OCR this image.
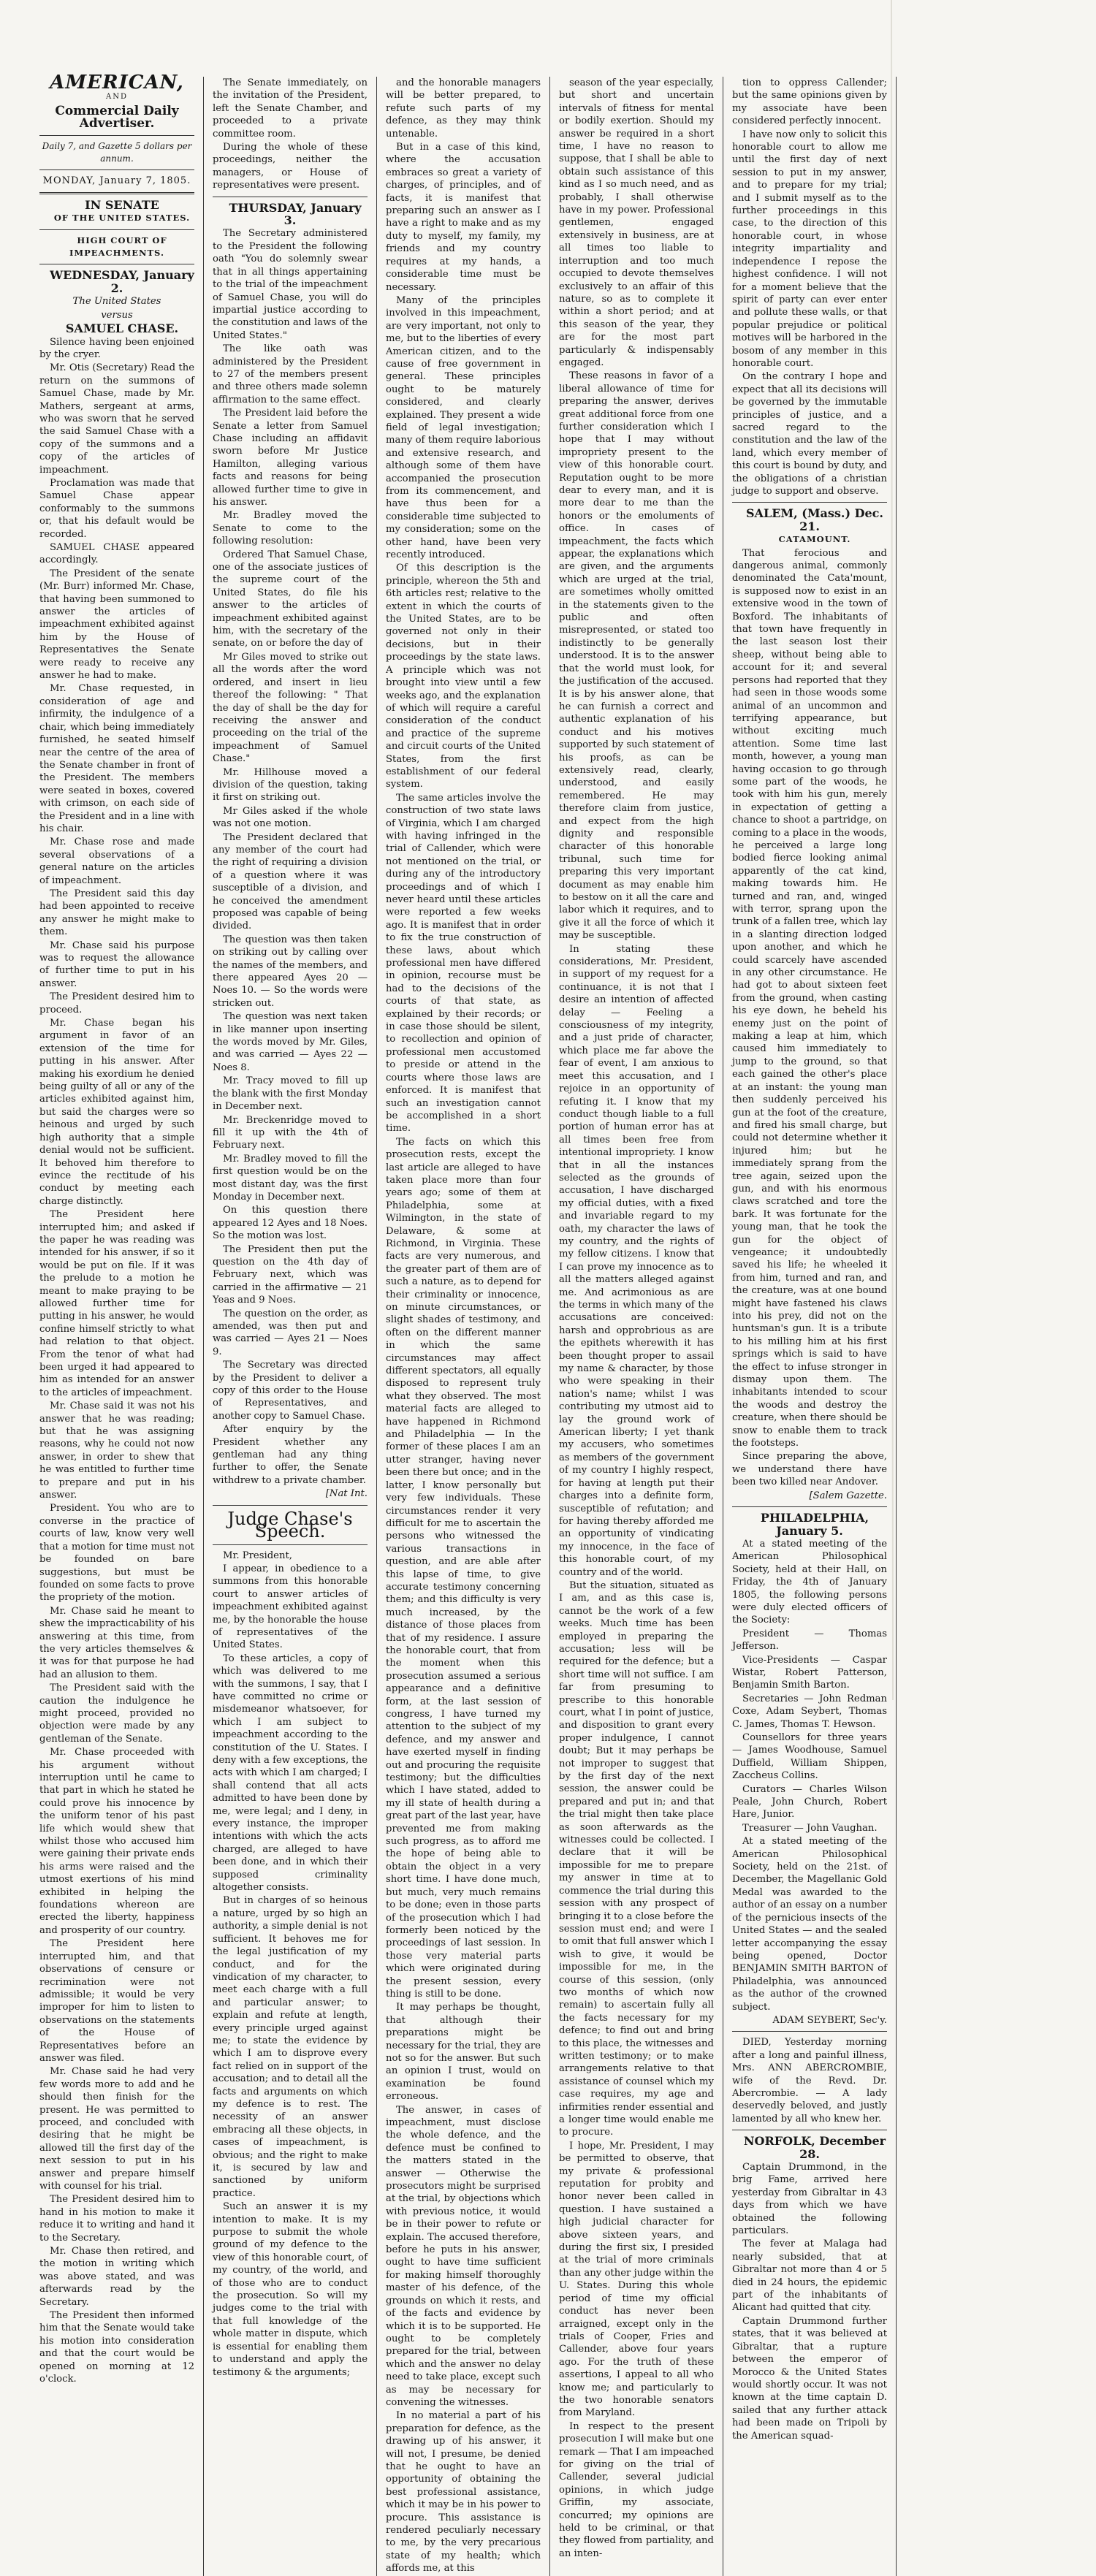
AMERICAN,
AND
Commercial Daily Advertiser.
Daily 7, and Gazette 5 dollars per annum.
MONDAY, January 7, 1805.

IN SENATE

OF THE UNITED STATES.

HIGH COURT OF IMPEACHMENTS.

WEDNESDAY, January 2.

The United States

versus

SAMUEL CHASE.

Silence having been enjoined by the cryer.

Mr. Otis (Secretary) Read the return on the summons of Samuel Chase, made by Mr. Mathers, sergeant at arms, who was sworn that he served the said Samuel Chase with a copy of the summons and a copy of the articles of impeachment.

Proclamation was made that Samuel Chase appear conformably to the summons or, that his default would be recorded.

SAMUEL CHASE appeared accordingly.

The President of the senate (Mr. Burr) informed Mr. Chase, that having been summoned to answer the articles of impeachment exhibited against him by the House of Representatives the Senate were ready to receive any answer he had to make.

Mr. Chase requested, in consideration of age and infirmity, the indulgence of a chair, which being immediately furnished, he seated himself near the centre of the area of the Senate chamber in front of the President. The members were seated in boxes, covered with crimson, on each side of the President and in a line with his chair.

Mr. Chase rose and made several observations of a general nature on the articles of impeachment.

The President said this day had been appointed to receive any answer he might make to them.

Mr. Chase said his purpose was to request the allowance of further time to put in his answer.

The President desired him to proceed.

Mr. Chase began his argument in favor of an extension of the time for putting in his answer. After making his exordium he denied being guilty of all or any of the articles exhibited against him, but said the charges were so heinous and urged by such high authority that a simple denial would not be sufficient. It behoved him therefore to evince the rectitude of his conduct by meeting each charge distinctly.

The President here interrupted him; and asked if the paper he was reading was intended for his answer, if so it would be put on file. If it was the prelude to a motion he meant to make praying to be allowed further time for putting in his answer, he would confine himself strictly to what had relation to that object. From the tenor of what had been urged it had appeared to him as intended for an answer to the articles of impeachment.

Mr. Chase said it was not his answer that he was reading; but that he was assigning reasons, why he could not now answer, in order to shew that he was entitled to further time to prepare and put in his answer.

President. You who are to converse in the practice of courts of law, know very well that a motion for time must not be founded on bare suggestions, but must be founded on some facts to prove the propriety of the motion.

Mr. Chase said he meant to shew the impracticability of his answering at this time, from the very articles themselves & it was for that purpose he had had an allusion to them.

The President said with the caution the indulgence he might proceed, provided no objection were made by any gentleman of the Senate.

Mr. Chase proceeded with his argument without interruption until he came to that part in which he stated he could prove his innocence by the uniform tenor of his past life which would shew that whilst those who accused him were gaining their private ends his arms were raised and the utmost exertions of his mind exhibited in helping the foundations whereon are erected the liberty, happiness and prosperity of our country.

The President here interrupted him, and that observations of censure or recrimination were not admissible; it would be very improper for him to listen to observations on the statements of the House of Representatives before an answer was filed.

Mr. Chase said he had very few words more to add and he should then finish for the present. He was permitted to proceed, and concluded with desiring that he might be allowed till the first day of the next session to put in his answer and prepare himself with counsel for his trial.

The President desired him to hand in his motion to make it reduce it to writing and hand it to the Secretary.

Mr. Chase then retired, and the motion in writing which was above stated, and was afterwards read by the Secretary.

The President then informed him that the Senate would take his motion into consideration and that the court would be opened on morning at 12 o'clock.

The Senate immediately, on the invitation of the President, left the Senate Chamber, and proceeded to a private committee room.

During the whole of these proceedings, neither the managers, or House of representatives were present.

THURSDAY, January 3.

The Secretary administered to the President the following oath "You do solemnly swear that in all things appertaining to the trial of the impeachment of Samuel Chase, you will do impartial justice according to the constitution and laws of the United States."

The like oath was administered by the President to 27 of the members present and three others made solemn affirmation to the same effect.

The President laid before the Senate a letter from Samuel Chase including an affidavit sworn before Mr Justice Hamilton, alleging various facts and reasons for being allowed further time to give in his answer.

Mr. Bradley moved the Senate to come to the following resolution:

Ordered That Samuel Chase, one of the associate justices of the supreme court of the United States, do file his answer to the articles of impeachment exhibited against him, with the secretary of the senate, on or before the day of

Mr Giles moved to strike out all the words after the word ordered, and insert in lieu thereof the following: " That the day of shall be the day for receiving the answer and proceeding on the trial of the impeachment of Samuel Chase."

Mr. Hillhouse moved a division of the question, taking it first on striking out.

Mr Giles asked if the whole was not one motion.

The President declared that any member of the court had the right of requiring a division of a question where it was susceptible of a division, and he conceived the amendment proposed was capable of being divided.

The question was then taken on striking out by calling over the names of the members, and there appeared Ayes 20 — Noes 10. — So the words were stricken out.

The question was next taken in like manner upon inserting the words moved by Mr. Giles, and was carried — Ayes 22 — Noes 8.

Mr. Tracy moved to fill up the blank with the first Monday in December next.

Mr. Breckenridge moved to fill it up with the 4th of February next.

Mr. Bradley moved to fill the first question would be on the most distant day, was the first Monday in December next.

On this question there appeared 12 Ayes and 18 Noes. So the motion was lost.

The President then put the question on the 4th day of February next, which was carried in the affirmative — 21 Yeas and 9 Noes.

The question on the order, as amended, was then put and was carried — Ayes 21 — Noes 9.

The Secretary was directed by the President to deliver a copy of this order to the House of Representatives, and another copy to Samuel Chase.

After enquiry by the President whether any gentleman had any thing further to offer, the Senate withdrew to a private chamber.

[Nat Int.

Judge Chase's Speech.

Mr. President,

I appear, in obedience to a summons from this honorable court to answer articles of impeachment exhibited against me, by the honorable the house of representatives of the United States.

To these articles, a copy of which was delivered to me with the summons, I say, that I have committed no crime or misdemeanor whatsoever, for which I am subject to impeachment according to the constitution of the U. States. I deny with a few exceptions, the acts with which I am charged; I shall contend that all acts admitted to have been done by me, were legal; and I deny, in every instance, the improper intentions with which the acts charged, are alleged to have been done, and in which their supposed criminality altogether consists.

But in charges of so heinous a nature, urged by so high an authority, a simple denial is not sufficient. It behoves me for the legal justification of my conduct, and for the vindication of my character, to meet each charge with a full and particular answer; to explain and refute at length, every principle urged against me; to state the evidence by which I am to disprove every fact relied on in support of the accusation; and to detail all the facts and arguments on which my defence is to rest. The necessity of an answer embracing all these objects, in cases of impeachment, is obvious; and the right to make it, is secured by law and sanctioned by uniform practice.

Such an answer it is my intention to make. It is my purpose to submit the whole ground of my defence to the view of this honorable court, of my country, of the world, and of those who are to conduct the prosecution. So will my judges come to the trial with that full knowledge of the whole matter in dispute, which is essential for enabling them to understand and apply the testimony & the arguments;

and the honorable managers will be better prepared, to refute such parts of my defence, as they may think untenable.

But in a case of this kind, where the accusation embraces so great a variety of charges, of principles, and of facts, it is manifest that preparing such an answer as I have a right to make and as my duty to myself, my family, my friends and my country requires at my hands, a considerable time must be necessary.

Many of the principles involved in this impeachment, are very important, not only to me, but to the liberties of every American citizen, and to the cause of free government in general. These principles ought to be maturely considered, and clearly explained. They present a wide field of legal investigation; many of them require laborious and extensive research, and although some of them have accompanied the prosecution from its commencement, and have thus been for a considerable time subjected to my consideration; some on the other hand, have been very recently introduced.

Of this description is the principle, whereon the 5th and 6th articles rest; relative to the extent in which the courts of the United States, are to be governed not only in their decisions, but in their proceedings by the state laws. A principle which was not brought into view until a few weeks ago, and the explanation of which will require a careful consideration of the conduct and practice of the supreme and circuit courts of the United States, from the first establishment of our federal system.

The same articles involve the construction of two state laws of Virginia, which I am charged with having infringed in the trial of Callender, which were not mentioned on the trial, or during any of the introductory proceedings and of which I never heard until these articles were reported a few weeks ago. It is manifest that in order to fix the true construction of these laws, about which professional men have differed in opinion, recourse must be had to the decisions of the courts of that state, as explained by their records; or in case those should be silent, to recollection and opinion of professional men accustomed to preside or attend in the courts where those laws are enforced. It is manifest that such an investigation cannot be accomplished in a short time.

The facts on which this prosecution rests, except the last article are alleged to have taken place more than four years ago; some of them at Philadelphia, some at Wilmington, in the state of Delaware, & some at Richmond, in Virginia. These facts are very numerous, and the greater part of them are of such a nature, as to depend for their criminality or innocence, on minute circumstances, or slight shades of testimony, and often on the different manner in which the same circumstances may affect different spectators, all equally disposed to represent truly what they observed. The most material facts are alleged to have happened in Richmond and Philadelphia — In the former of these places I am an utter stranger, having never been there but once; and in the latter, I know personally but very few individuals. These circumstances render it very difficult for me to ascertain the persons who witnessed the various transactions in question, and are able after this lapse of time, to give accurate testimony concerning them; and this difficulty is very much increased, by the distance of those places from that of my residence. I assure the honorable court, that from the moment when this prosecution assumed a serious appearance and a definitive form, at the last session of congress, I have turned my attention to the subject of my defence, and my answer and have exerted myself in finding out and procuring the requisite testimony; but the difficulties which I have stated, added to my ill state of health during a great part of the last year, have prevented me from making such progress, as to afford me the hope of being able to obtain the object in a very short time. I have done much, but much, very much remains to be done; even in those parts of the prosecution which I had formerly been noticed by the proceedings of last session. In those very material parts which were originated during the present session, every thing is still to be done.

It may perhaps be thought, that although their preparations might be necessary for the trial, they are not so for the answer. But such an opinion I trust, would on examination be found erroneous.

The answer, in cases of impeachment, must disclose the whole defence, and the defence must be confined to the matters stated in the answer — Otherwise the prosecutors might be surprised at the trial, by objections which with previous notice, it would be in their power to refute or explain. The accused therefore, before he puts in his answer, ought to have time sufficient for making himself thoroughly master of his defence, of the grounds on which it rests, and of the facts and evidence by which it is to be supported. He ought to be completely prepared for the trial, between which and the answer no delay need to take place, except such as may be necessary for convening the witnesses.

In no material a part of his preparation for defence, as the drawing up of his answer, it will not, I presume, be denied that he ought to have an opportunity of obtaining the best professional assistance, which it may be in his power to procure. This assistance is rendered peculiarly necessary to me, by the very precarious state of my health; which affords me, at this

season of the year especially, but short and uncertain intervals of fitness for mental or bodily exertion. Should my answer be required in a short time, I have no reason to suppose, that I shall be able to obtain such assistance of this kind as I so much need, and as probably, I shall otherwise have in my power. Professional gentlemen, engaged extensively in business, are at all times too liable to interruption and too much occupied to devote themselves exclusively to an affair of this nature, so as to complete it within a short period; and at this season of the year, they are for the most part particularly & indispensably engaged.

These reasons in favor of a liberal allowance of time for preparing the answer, derives great additional force from one further consideration which I hope that I may without impropriety present to the view of this honorable court. Reputation ought to be more dear to every man, and it is more dear to me than the honors or the emoluments of office. In cases of impeachment, the facts which appear, the explanations which are given, and the arguments which are urged at the trial, are sometimes wholly omitted in the statements given to the public and often misrepresented, or stated too indistinctly to be generally understood. It is to the answer that the world must look, for the justification of the accused. It is by his answer alone, that he can furnish a correct and authentic explanation of his conduct and his motives supported by such statement of his proofs, as can be extensively read, clearly, understood, and easily remembered. He may therefore claim from justice, and expect from the high dignity and responsible character of this honorable tribunal, such time for preparing this very important document as may enable him to bestow on it all the care and labor which it requires, and to give it all the force of which it may be susceptible.

In stating these considerations, Mr. President, in support of my request for a continuance, it is not that I desire an intention of affected delay — Feeling a consciousness of my integrity, and a just pride of character, which place me far above the fear of event, I am anxious to meet this accusation, and I rejoice in an opportunity of refuting it. I know that my conduct though liable to a full portion of human error has at all times been free from intentional impropriety. I know that in all the instances selected as the grounds of accusation, I have discharged my official duties, with a fixed and invariable regard to my oath, my character the laws of my country, and the rights of my fellow citizens. I know that I can prove my innocence as to all the matters alleged against me. And acrimonious as are the terms in which many of the accusations are conceived: harsh and opprobrious as are the epithets wherewith it has been thought proper to assail my name & character, by those who were speaking in their nation's name; whilst I was contributing my utmost aid to lay the ground work of American liberty; I yet thank my accusers, who sometimes as members of the government of my country I highly respect, for having at length put their charges into a definite form, susceptible of refutation; and for having thereby afforded me an opportunity of vindicating my innocence, in the face of this honorable court, of my country and of the world.

But the situation, situated as I am, and as this case is, cannot be the work of a few weeks. Much time has been employed in preparing the accusation; less will be required for the defence; but a short time will not suffice. I am far from presuming to prescribe to this honorable court, what I in point of justice, and disposition to grant every proper indulgence, I cannot doubt; But it may perhaps be not improper to suggest that by the first day of the next session, the answer could be prepared and put in; and that the trial might then take place as soon afterwards as the witnesses could be collected. I declare that it will be impossible for me to prepare my answer in time at to commence the trial during this session with any prospect of bringing it to a close before the session must end; and were I to omit that full answer which I wish to give, it would be impossible for me, in the course of this session, (only two months of which now remain) to ascertain fully all the facts necessary for my defence; to find out and bring to this place, the witnesses and written testimony; or to make arrangements relative to that assistance of counsel which my case requires, my age and infirmities render essential and a longer time would enable me to procure.

I hope, Mr. President, I may be permitted to observe, that my private & professional reputation for probity and honor never been called in question. I have sustained a high judicial character for above sixteen years, and during the first six, I presided at the trial of more criminals than any other judge within the U. States. During this whole period of time my official conduct has never been arraigned, except only in the trials of Cooper, Fries and Callender, above four years ago. For the truth of these assertions, I appeal to all who know me; and particularly to the two honorable senators from Maryland.

In respect to the present prosecution I will make but one remark — That I am impeached for giving on the trial of Callender, several judicial opinions, in which judge Griffin, my associate, concurred; my opinions are held to be criminal, or that they flowed from partiality, and an inten-

tion to oppress Callender; but the same opinions given by my associate have been considered perfectly innocent.

I have now only to solicit this honorable court to allow me until the first day of next session to put in my answer, and to prepare for my trial; and I submit myself as to the further proceedings in this case, to the direction of this honorable court, in whose integrity impartiality and independence I repose the highest confidence. I will not for a moment believe that the spirit of party can ever enter and pollute these walls, or that popular prejudice or political motives will be harbored in the bosom of any member in this honorable court.

On the contrary I hope and expect that all its decisions will be governed by the immutable principles of justice, and a sacred regard to the constitution and the law of the land, which every member of this court is bound by duty, and the obligations of a christian judge to support and observe.

SALEM, (Mass.) Dec. 21.

CATAMOUNT.

That ferocious and dangerous animal, commonly denominated the Cata'mount, is supposed now to exist in an extensive wood in the town of Boxford. The inhabitants of that town have frequently in the last season lost their sheep, without being able to account for it; and several persons had reported that they had seen in those woods some animal of an uncommon and terrifying appearance, but without exciting much attention. Some time last month, however, a young man having occasion to go through some part of the woods, he took with him his gun, merely in expectation of getting a chance to shoot a partridge, on coming to a place in the woods, he perceived a large long bodied fierce looking animal apparently of the cat kind, making towards him. He turned and ran, and, winged with terror, sprang upon the trunk of a fallen tree, which lay in a slanting direction lodged upon another, and which he could scarcely have ascended in any other circumstance. He had got to about sixteen feet from the ground, when casting his eye down, he beheld his enemy just on the point of making a leap at him, which caused him immediately to jump to the ground, so that each gained the other's place at an instant: the young man then suddenly perceived his gun at the foot of the creature, and fired his small charge, but could not determine whether it injured him; but he immediately sprang from the tree again, seized upon the gun, and with his enormous claws scratched and tore the bark. It was fortunate for the young man, that he took the gun for the object of vengeance; it undoubtedly saved his life; he wheeled it from him, turned and ran, and the creature, was at one bound might have fastened his claws into his prey, did not on the huntsman's gun. It is a tribute to his milling him at his first springs which is said to have the effect to infuse stronger in dismay upon them. The inhabitants intended to scour the woods and destroy the creature, when there should be snow to enable them to track the footsteps.

Since preparing the above, we understand there have been two killed near Andover.

[Salem Gazette.

PHILADELPHIA, January 5.

At a stated meeting of the American Philosophical Society, held at their Hall, on Friday, the 4th of January 1805, the following persons were duly elected officers of the Society:

President — Thomas Jefferson.

Vice-Presidents — Caspar Wistar, Robert Patterson, Benjamin Smith Barton.

Secretaries — John Redman Coxe, Adam Seybert, Thomas C. James, Thomas T. Hewson.

Counsellors for three years — James Woodhouse, Samuel Duffield, William Shippen, Zaccheus Collins.

Curators — Charles Wilson Peale, John Church, Robert Hare, Junior.

Treasurer — John Vaughan.

At a stated meeting of the American Philosophical Society, held on the 21st. of December, the Magellanic Gold Medal was awarded to the author of an essay on a number of the pernicious insects of the United States — and the sealed letter accompanying the essay being opened, Doctor BENJAMIN SMITH BARTON of Philadelphia, was announced as the author of the crowned subject.

ADAM SEYBERT, Sec'y.

DIED, Yesterday morning after a long and painful illness, Mrs. ANN ABERCROMBIE, wife of the Revd. Dr. Abercrombie. — A lady deservedly beloved, and justly lamented by all who knew her.

NORFOLK, December 28.

Captain Drummond, in the brig Fame, arrived here yesterday from Gibraltar in 43 days from which we have obtained the following particulars.

The fever at Malaga had nearly subsided, that at Gibraltar not more than 4 or 5 died in 24 hours, the epidemic part of the inhabitants of Alicant had quitted that city.

Captain Drummond further states, that it was believed at Gibraltar, that a rupture between the emperor of Morocco & the United States would shortly occur. It was not known at the time captain D. sailed that any further attack had been made on Tripoli by the American squad-
